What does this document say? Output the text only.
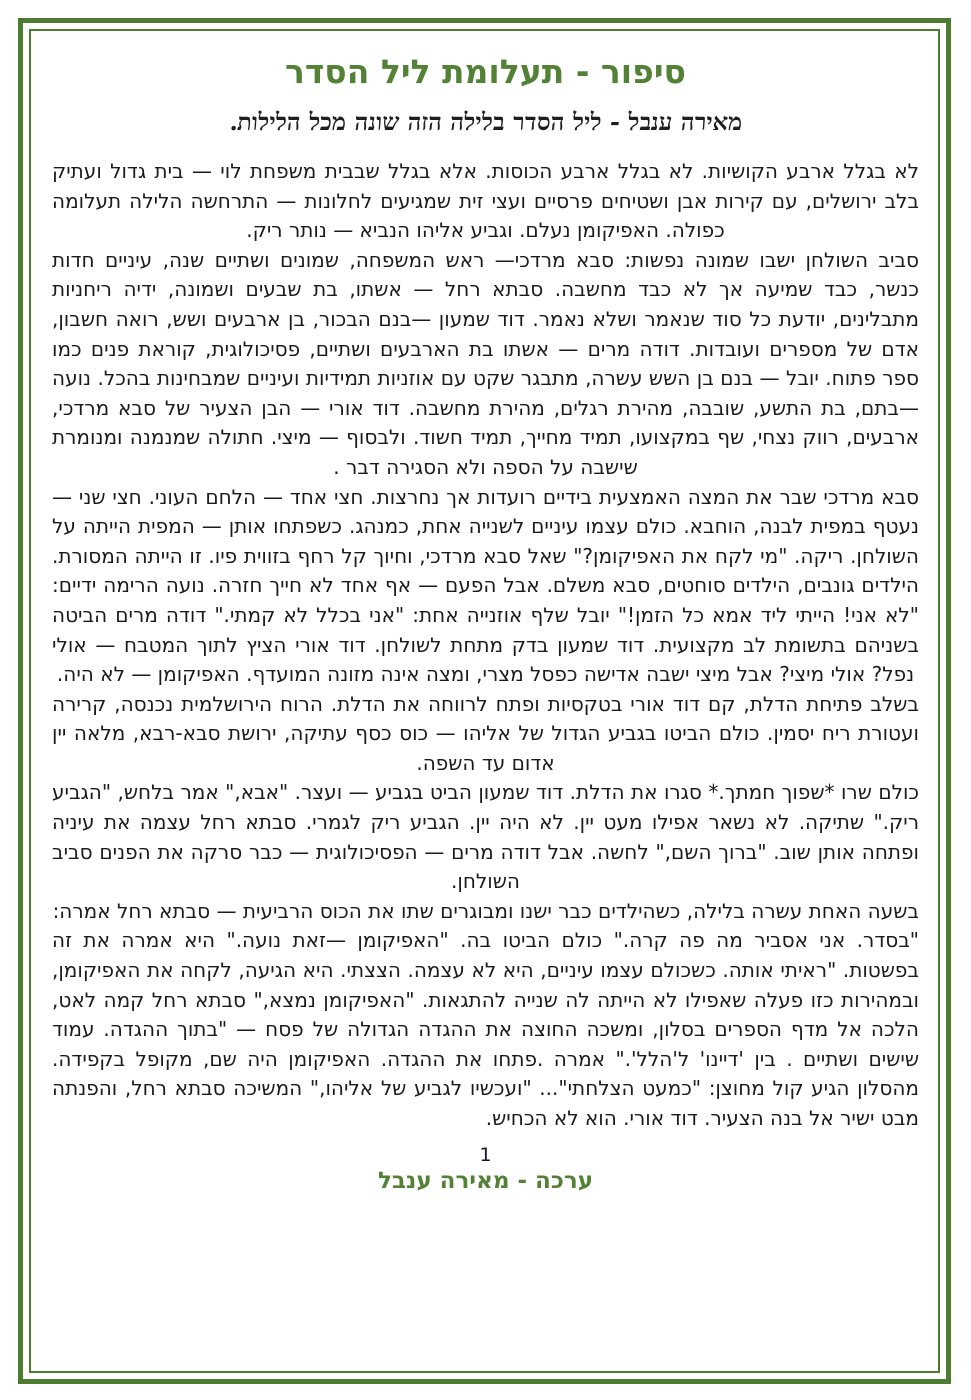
סיפור - תעלומת ליל הסדר
מאירה ענבל - ליל הסדר בלילה הזה שונה מכל הלילות.

לא בגלל ארבע הקושיות. לא בגלל ארבע הכוסות. אלא בגלל שבבית משפחת לוי — בית גדול ועתיק בלב ירושלים, עם קירות אבן ושטיחים פרסיים ועצי זית שמגיעים לחלונות — התרחשה הלילה תעלומה כפולה. האפיקומן נעלם. וגביע אליהו הנביא — נותר ריק.

סביב השולחן ישבו שמונה נפשות: סבא מרדכי— ראש המשפחה, שמונים ושתיים שנה, עיניים חדות כנשר, כבד שמיעה אך לא כבד מחשבה. סבתא רחל — אשתו, בת שבעים ושמונה, ידיה ריחניות מתבלינים, יודעת כל סוד שנאמר ושלא נאמר. דוד שמעון —בנם הבכור, בן ארבעים ושש, רואה חשבון, אדם של מספרים ועובדות. דודה מרים — אשתו בת הארבעים ושתיים, פסיכולוגית, קוראת פנים כמו ספר פתוח. יובל — בנם בן השש עשרה, מתבגר שקט עם אוזניות תמידיות ועיניים שמבחינות בהכל. נועה —בתם, בת התשע, שובבה, מהירת רגלים, מהירת מחשבה. דוד אורי — הבן הצעיר של סבא מרדכי, ארבעים, רווק נצחי, שף במקצועו, תמיד מחייך, תמיד חשוד. ולבסוף — מיצי. חתולה שמנמנה ומנומרת שישבה על הספה ולא הסגירה דבר .

סבא מרדכי שבר את המצה האמצעית בידיים רועדות אך נחרצות. חצי אחד — הלחם העוני. חצי שני — נעטף במפית לבנה, הוחבא. כולם עצמו עיניים לשנייה אחת, כמנהג. כשפתחו אותן — המפית הייתה על השולחן. ריקה. "מי לקח את האפיקומן?" שאל סבא מרדכי, וחיוך קל רחף בזווית פיו. זו הייתה המסורת. הילדים גונבים, הילדים סוחטים, סבא משלם. אבל הפעם — אף אחד לא חייך חזרה. נועה הרימה ידיים: "לא אני! הייתי ליד אמא כל הזמן!" יובל שלף אוזנייה אחת: "אני בכלל לא קמתי." דודה מרים הביטה בשניהם בתשומת לב מקצועית. דוד שמעון בדק מתחת לשולחן. דוד אורי הציץ לתוך המטבח — אולי נפל? אולי מיצי? אבל מיצי ישבה אדישה כפסל מצרי, ומצה אינה מזונה המועדף. האפיקומן — לא היה.

בשלב פתיחת הדלת, קם דוד אורי בטקסיות ופתח לרווחה את הדלת. הרוח הירושלמית נכנסה, קרירה ועטורת ריח יסמין. כולם הביטו בגביע הגדול של אליהו — כוס כסף עתיקה, ירושת סבא-רבא, מלאה יין אדום עד השפה.

כולם שרו *שפוך חמתך.* סגרו את הדלת. דוד שמעון הביט בגביע — ועצר. "אבא," אמר בלחש, "הגביע ריק." שתיקה. לא נשאר אפילו מעט יין. לא היה יין. הגביע ריק לגמרי. סבתא רחל עצמה את עיניה ופתחה אותן שוב. "ברוך השם," לחשה. אבל דודה מרים — הפסיכולוגית — כבר סרקה את הפנים סביב השולחן.

בשעה האחת עשרה בלילה, כשהילדים כבר ישנו ומבוגרים שתו את הכוס הרביעית — סבתא רחל אמרה:

"בסדר. אני אסביר מה פה קרה." כולם הביטו בה. "האפיקומן —זאת נועה." היא אמרה את זה בפשטות. "ראיתי אותה. כשכולם עצמו עיניים, היא לא עצמה. הצצתי. היא הגיעה, לקחה את האפיקומן, ובמהירות כזו פעלה שאפילו לא הייתה לה שנייה להתגאות. "האפיקומן נמצא," סבתא רחל קמה לאט, הלכה אל מדף הספרים בסלון, ומשכה החוצה את ההגדה הגדולה של פסח — "בתוך ההגדה. עמוד שישים ושתיים . בין 'דיינו' ל'הלל'." אמרה .פתחו את ההגדה. האפיקומן היה שם, מקופל בקפידה. מהסלון הגיע קול מחוצן: "כמעט הצלחתי"... "ועכשיו לגביע של אליהו," המשיכה סבתא רחל, והפנתה מבט ישיר אל בנה הצעיר. דוד אורי. הוא לא הכחיש.

1
ערכה - מאירה ענבל
